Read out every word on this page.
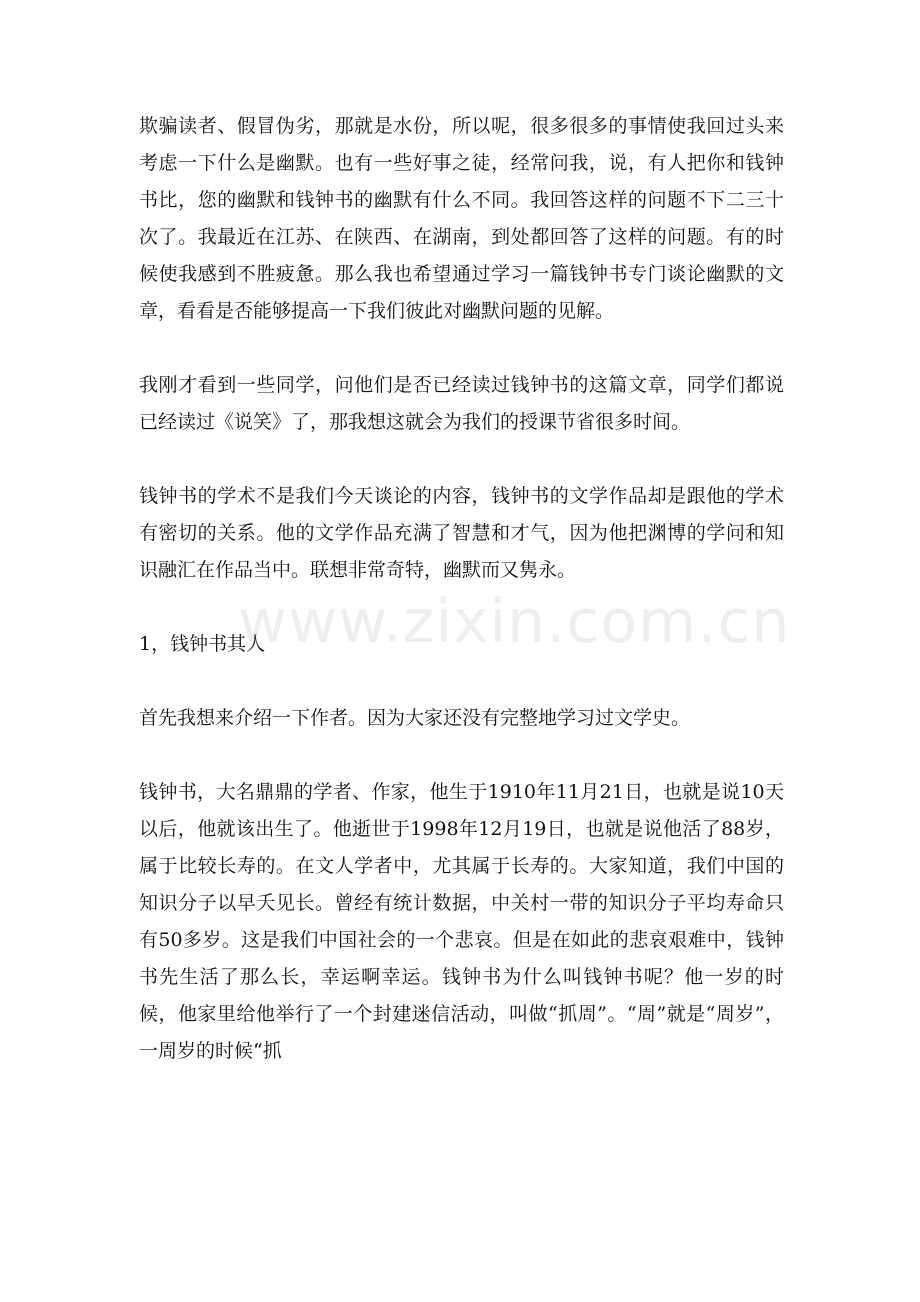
欺骗读者、假冒伪劣，那就是水份，所以呢，很多很多的事情使我回过头来考虑一下什么是幽默。也有一些好事之徒，经常问我，说，有人把你和钱钟书比，您的幽默和钱钟书的幽默有什么不同。我回答这样的问题不下二三十次了。我最近在江苏、在陕西、在湖南，到处都回答了这样的问题。有的时候使我感到不胜疲惫。那么我也希望通过学习一篇钱钟书专门谈论幽默的文章，看看是否能够提高一下我们彼此对幽默问题的见解。

我刚才看到一些同学，问他们是否已经读过钱钟书的这篇文章，同学们都说已经读过《说笑》了，那我想这就会为我们的授课节省很多时间。

钱钟书的学术不是我们今天谈论的内容，钱钟书的文学作品却是跟他的学术有密切的关系。他的文学作品充满了智慧和才气，因为他把渊博的学问和知识融汇在作品当中。联想非常奇特，幽默而又隽永。

1，钱钟书其人

首先我想来介绍一下作者。因为大家还没有完整地学习过文学史。

钱钟书，大名鼎鼎的学者、作家，他生于1910年11月21日，也就是说10天以后，他就该出生了。他逝世于1998年12月19日，也就是说他活了88岁，属于比较长寿的。在文人学者中，尤其属于长寿的。大家知道，我们中国的知识分子以早夭见长。曾经有统计数据，中关村一带的知识分子平均寿命只有50多岁。这是我们中国社会的一个悲哀。但是在如此的悲哀艰难中，钱钟书先生活了那么长，幸运啊幸运。钱钟书为什么叫钱钟书呢？他一岁的时候，他家里给他举行了一个封建迷信活动，叫做“抓周”。“周”就是“周岁”，一周岁的时候“抓

www.zixin.com.cn
